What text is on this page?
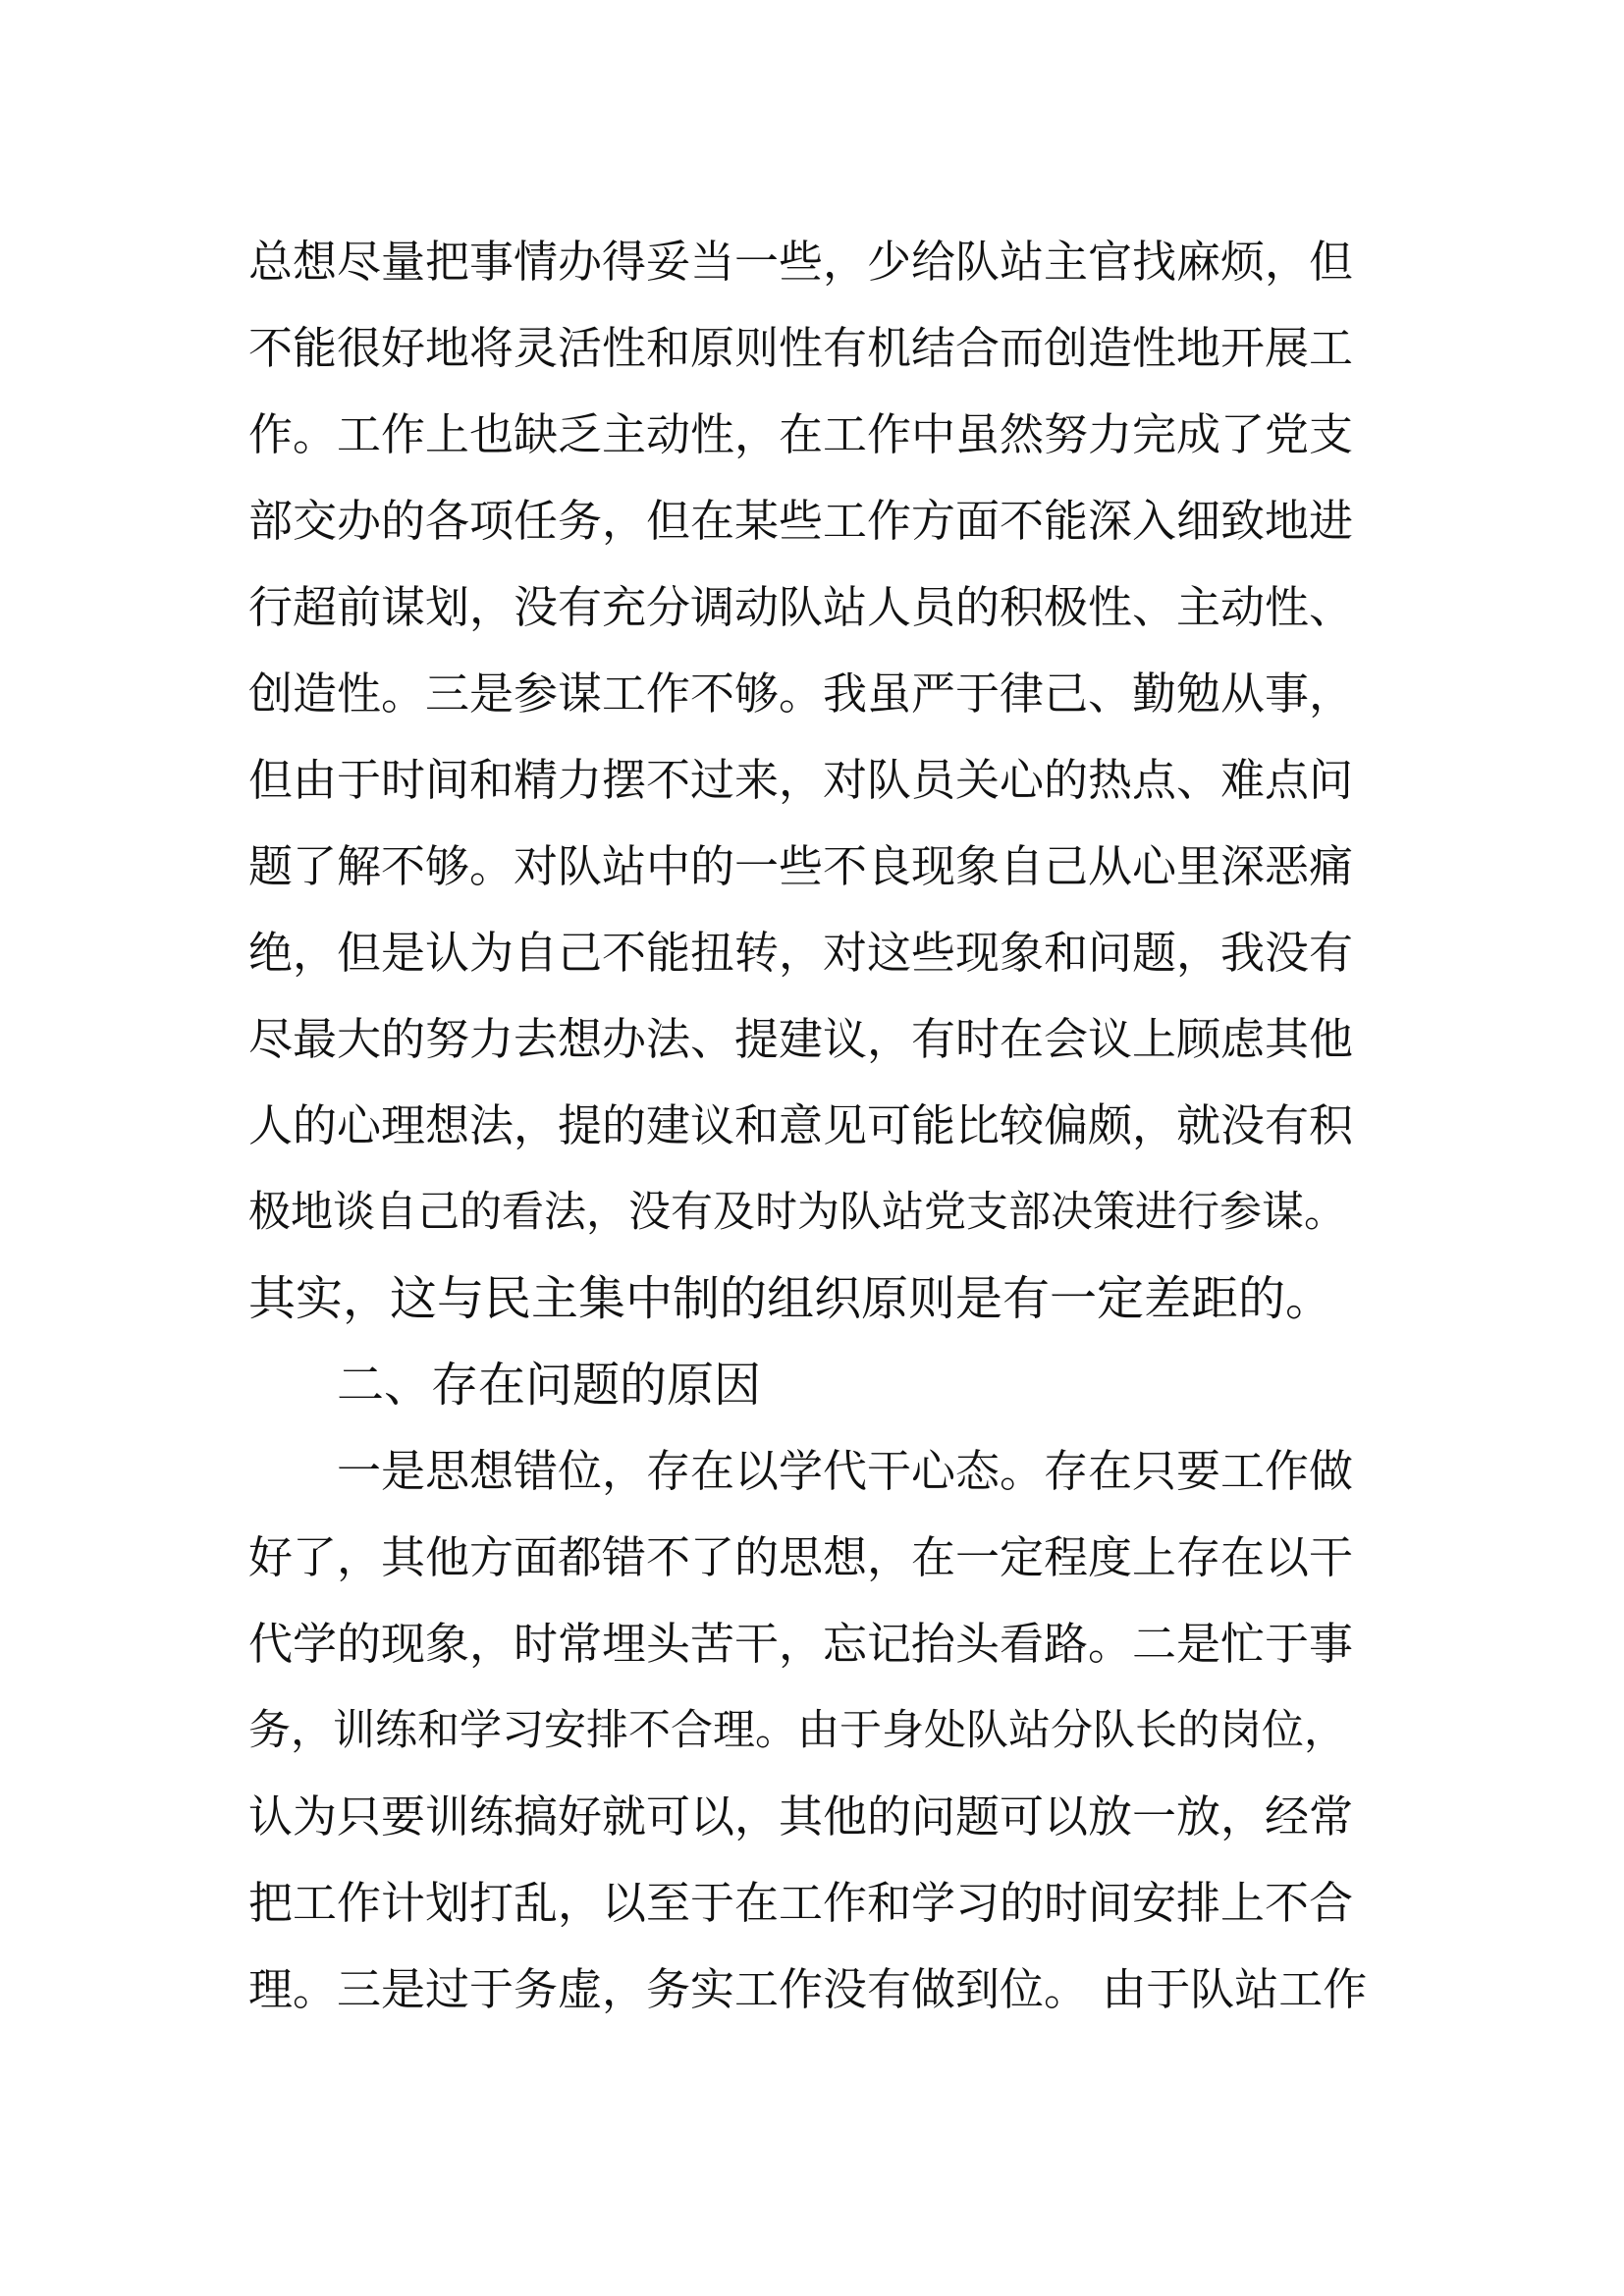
总想尽量把事情办得妥当一些，少给队站主官找麻烦，但
不能很好地将灵活性和原则性有机结合而创造性地开展工
作。工作上也缺乏主动性，在工作中虽然努力完成了党支
部交办的各项任务，但在某些工作方面不能深入细致地进
行超前谋划，没有充分调动队站人员的积极性、主动性、
创造性。三是参谋工作不够。我虽严于律己、勤勉从事，
但由于时间和精力摆不过来，对队员关心的热点、难点问
题了解不够。对队站中的一些不良现象自己从心里深恶痛
绝，但是认为自己不能扭转，对这些现象和问题，我没有
尽最大的努力去想办法、提建议，有时在会议上顾虑其他
人的心理想法，提的建议和意见可能比较偏颇，就没有积
极地谈自己的看法，没有及时为队站党支部决策进行参谋。
其实，这与民主集中制的组织原则是有一定差距的。
二、存在问题的原因
一是思想错位，存在以学代干心态。存在只要工作做
好了，其他方面都错不了的思想，在一定程度上存在以干
代学的现象，时常埋头苦干，忘记抬头看路。二是忙于事
务，训练和学习安排不合理。由于身处队站分队长的岗位，
认为只要训练搞好就可以，其他的问题可以放一放，经常
把工作计划打乱，以至于在工作和学习的时间安排上不合
理。三是过于务虚，务实工作没有做到位。 由于队站工作
